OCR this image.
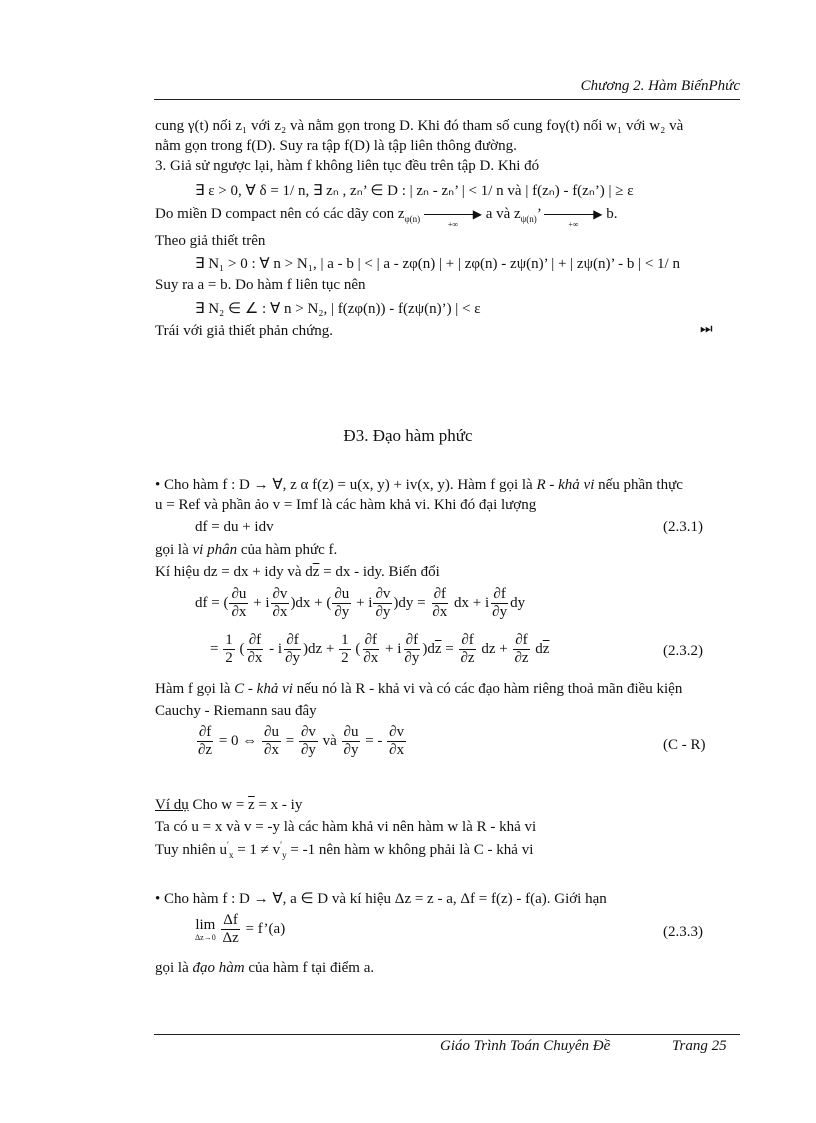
Chương 2. Hàm BiếnPhức
cung γ(t) nối z₁ với z₂ và nằm gọn trong D. Khi đó tham số cung foγ(t) nối w₁ với w₂ và
nằm gọn trong f(D). Suy ra tập f(D) là tập liên thông đường.
3. Giả sử ngược lại, hàm f không liên tục đều trên tập D. Khi đó
∃ ε > 0, ∀ δ = 1/ n, ∃ zₙ , zₙ’ ∈ D : | zₙ - zₙ’ | < 1/ n và | f(zₙ) - f(zₙ’) | ≥ ε
Do miền D compact nên có các dãy con $z_{\varphi(n)}$	▶
+∞
a và $z_{\psi(n)}$’	▶
+∞
b.
Theo giả thiết trên
∃ N₁ > 0 : ∀ n > N₁, | a - b | < | a - zφ(n) | + | zφ(n) - zψ(n)’ | + | zψ(n)’ - b | < 1/ n
Suy ra a = b. Do hàm f liên tục nên
∃ N₂ ∈ ∠ : ∀ n > N₂, | f(zφ(n)) - f(zψ(n)’) | < ε
Trái với giả thiết phản chứng.	⏭
Đ3. Đạo hàm phức
• Cho hàm f : D → ∀, z α f(z) = u(x, y) + iv(x, y). Hàm f gọi là R - khả vi nếu phần thực
u = Ref và phần ảo v = Imf là các hàm khả vi. Khi đó đại lượng
df = du + idv	(2.3.1)
gọi là vi phân của hàm phức f.
Kí hiệu dz = dx + idy và $d\overline{z}$ = dx - idy. Biến đổi
df = ( $\frac{\partial u}{\partial x} + i \frac{\partial v}{\partial x} )dx$ + ( $\frac{\partial u}{\partial y} + i \frac{\partial v}{\partial y} )dy = \frac{\partial f}{\partial x}$ dx + i $\frac{\partial f}{\partial y}$ dy
= $\frac{1}{2}$ ( $\frac{\partial f}{\partial x} - i \frac{\partial f}{\partial y} )dz + \frac{1}{2}$ ( $\frac{\partial f}{\partial x} + i \frac{\partial f}{\partial y} )d\overline{z} = \frac{\partial f}{\partial z}$ dz + $\frac{\partial f}{\partial z} d\overline{z}$	(2.3.2)
Hàm f gọi là C - khả vi nếu nó là R - khả vi và có các đạo hàm riêng thoả mãn điều kiện
Cauchy - Riemann sau đây
$\frac{\partial f}{\partial z} = 0$ ⇔ $\frac{\partial u}{\partial x} = \frac{\partial v}{\partial y}$ và $\frac{\partial u}{\partial y}$ = - $\frac{\partial v}{\partial x}$	(C - R)
Ví dụ Cho $w = \overline{z} = x$ - iy
Ta có u = x và v = -y là các hàm khả vi nên hàm w là R - khả vi
Tuy nhiên $u'_x = 1 \ne v'_y = -1$ nên hàm w không phải là C - khả vi
• Cho hàm f : D → ∀, a ∈ D và kí hiệu Δz = z - a, Δf = f(z) - f(a). Giới hạn
lim
Δz→0
$\frac{\Delta f}{\Delta z}$ = f’(a)	(2.3.3)
gọi là đạo hàm của hàm f tại điểm a.
Giáo Trình Toán Chuyên Đề	Trang 25
